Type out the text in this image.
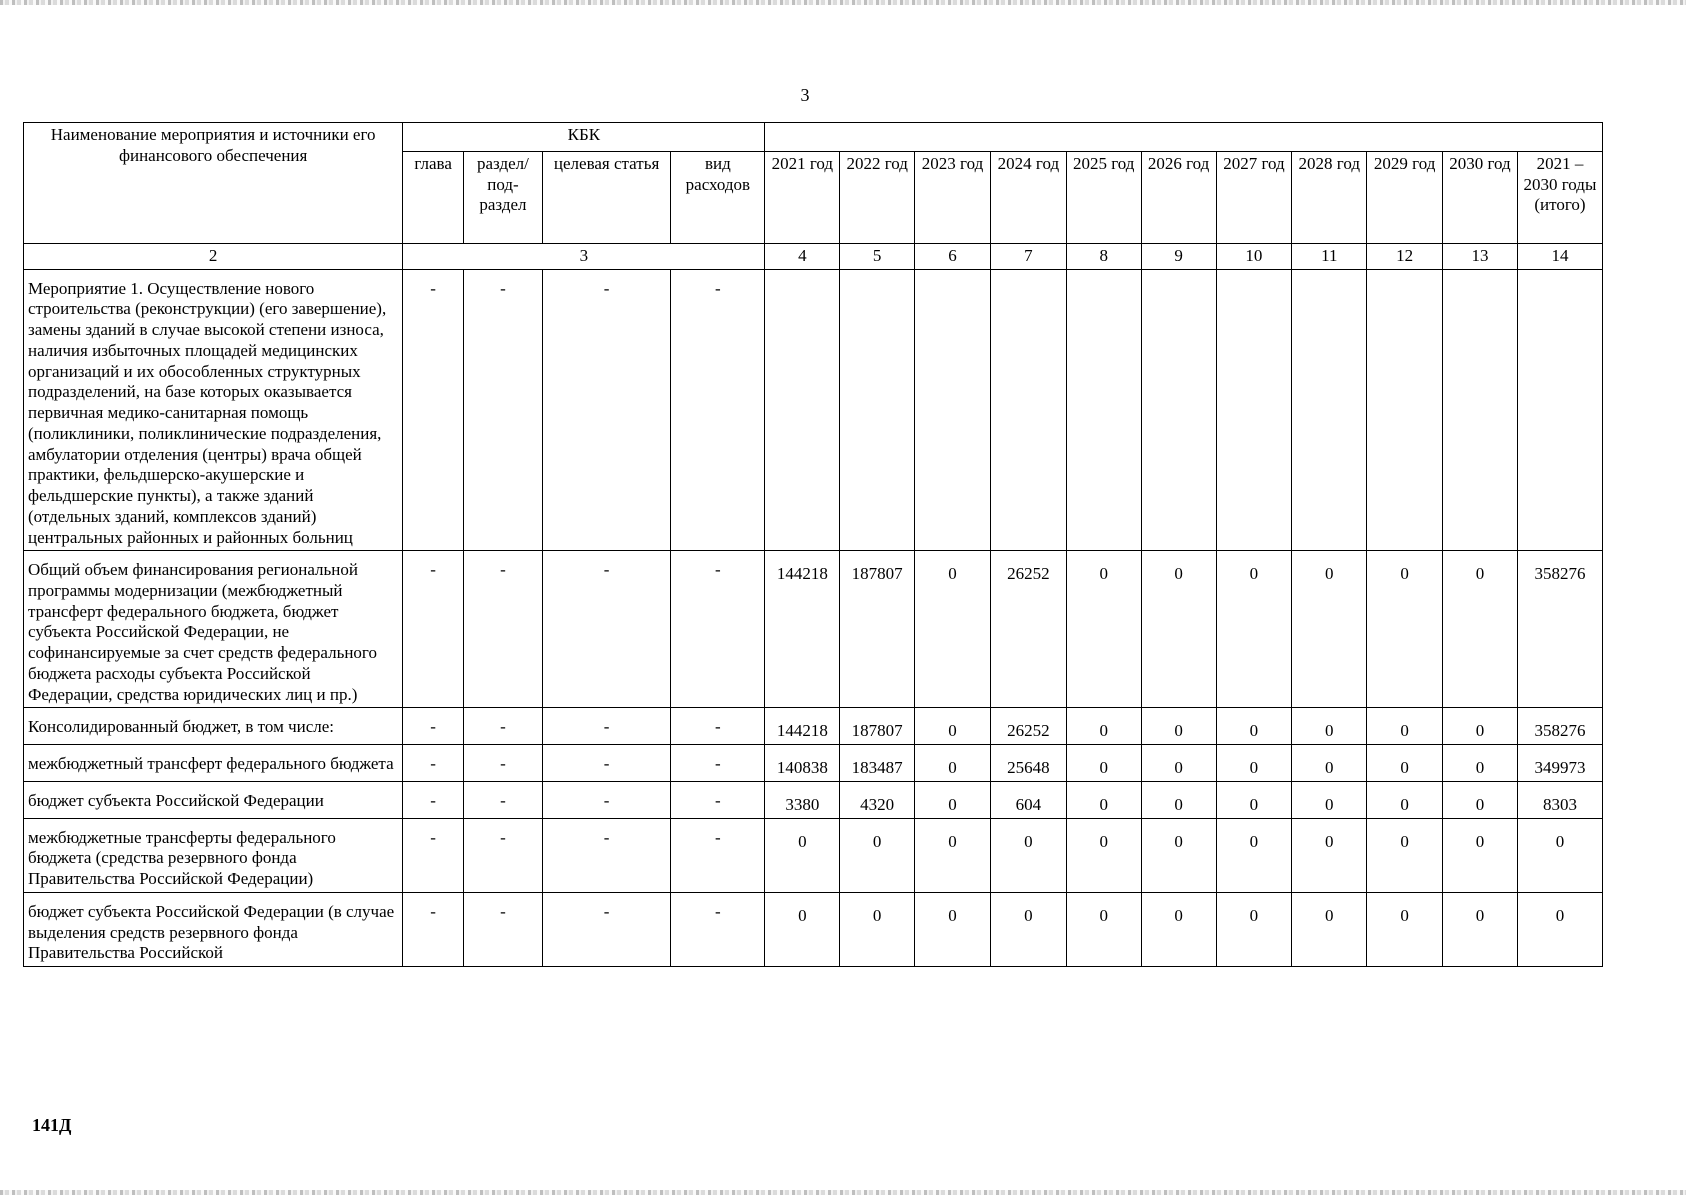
3
Наименование мероприятия и источники его финансового обеспечения	КБК														
	глава	раздел/ под- раздел	целевая статья	вид расходов	2021 год	2022 год	2023 год	2024 год	2025 год	2026 год	2027 год	2028 год	2029 год	2030 год	2021 – 2030 годы (итого)
2	3				4	5	6	7	8	9	10	11	12	13	14
Мероприятие 1. Осуществление нового строительства (реконструкции) (его завершение), замены зданий в случае высокой степени износа, наличия избыточных площадей медицинских организаций и их обособленных структурных подразделений, на базе которых оказывается первичная медико-санитарная помощь (поликлиники, поликлинические подразделения, амбулатории отделения (центры) врача общей практики, фельдшерско-акушерские и фельдшерские пункты), а также зданий (отдельных зданий, комплексов зданий) центральных районных и районных больниц	-	-	-	-											
Общий объем финансирования региональной программы модернизации (межбюджетный трансферт федерального бюджета, бюджет субъекта Российской Федерации, не софинансируемые за счет средств федерального бюджета расходы субъекта Российской Федерации, средства юридических лиц и пр.)	-	-	-	-	144218	187807	0	26252	0	0	0	0	0	0	358276
Консолидированный бюджет, в том числе:	-	-	-	-	144218	187807	0	26252	0	0	0	0	0	0	358276
межбюджетный трансферт федерального бюджета	-	-	-	-	140838	183487	0	25648	0	0	0	0	0	0	349973
бюджет субъекта Российской Федерации	-	-	-	-	3380	4320	0	604	0	0	0	0	0	0	8303
межбюджетные трансферты федерального бюджета (средства резервного фонда Правительства Российской Федерации)	-	-	-	-	0	0	0	0	0	0	0	0	0	0	0
бюджет субъекта Российской Федерации (в случае выделения средств резервного фонда Правительства Российской	-	-	-	-	0	0	0	0	0	0	0	0	0	0	0
141Д
